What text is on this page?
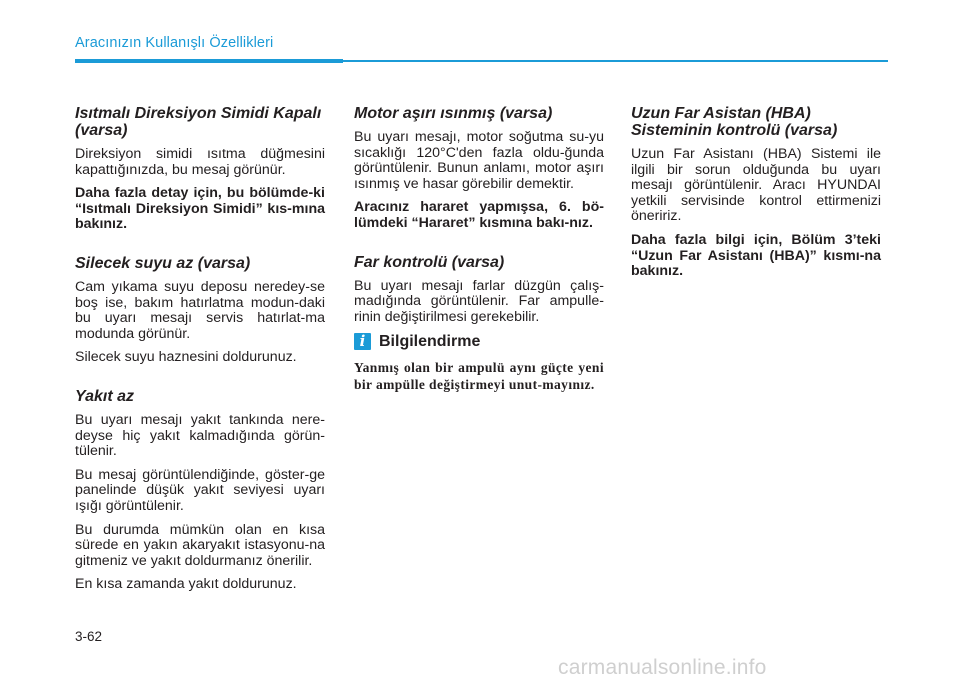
Aracınızın Kullanışlı Özellikleri
Isıtmalı Direksiyon Simidi Kapalı (varsa)

Direksiyon simidi ısıtma düğmesini kapattığınızda, bu mesaj görünür.

Daha fazla detay için, bu bölümde-ki “Isıtmalı Direksiyon Simidi” kıs-mına bakınız.

Silecek suyu az (varsa)

Cam yıkama suyu deposu neredey-se boş ise, bakım hatırlatma modun-daki bu uyarı mesajı servis hatırlat-ma modunda görünür.

Silecek suyu haznesini doldurunuz.

Yakıt az

Bu uyarı mesajı yakıt tankında nere-deyse hiç yakıt kalmadığında görün-tülenir.

Bu mesaj görüntülendiğinde, göster-ge panelinde düşük yakıt seviyesi uyarı ışığı görüntülenir.

Bu durumda mümkün olan en kısa sürede en yakın akaryakıt istasyonu-na gitmeniz ve yakıt doldurmanız önerilir.

En kısa zamanda yakıt doldurunuz.

Motor aşırı ısınmış (varsa)

Bu uyarı mesajı, motor soğutma su-yu sıcaklığı 120°C'den fazla oldu-ğunda görüntülenir. Bunun anlamı, motor aşırı ısınmış ve hasar görebilir demektir.

Aracınız hararet yapmışsa, 6. bö-lümdeki “Hararet” kısmına bakı-nız.

Far kontrolü (varsa)

Bu uyarı mesajı farlar düzgün çalış-madığında görüntülenir. Far ampulle-rinin değiştirilmesi gerekebilir.

i Bilgilendirme

Yanmış olan bir ampulü aynı güçte yeni bir ampülle değiştirmeyi unut-mayınız.

Uzun Far Asistan (HBA) Sisteminin kontrolü (varsa)

Uzun Far Asistanı (HBA) Sistemi ile ilgili bir sorun olduğunda bu uyarı mesajı görüntülenir. Aracı HYUNDAI yetkili servisinde kontrol ettirmenizi öneririz.

Daha fazla bilgi için, Bölüm 3’teki “Uzun Far Asistanı (HBA)” kısmı-na bakınız.

3-62
carmanualsonline.info
